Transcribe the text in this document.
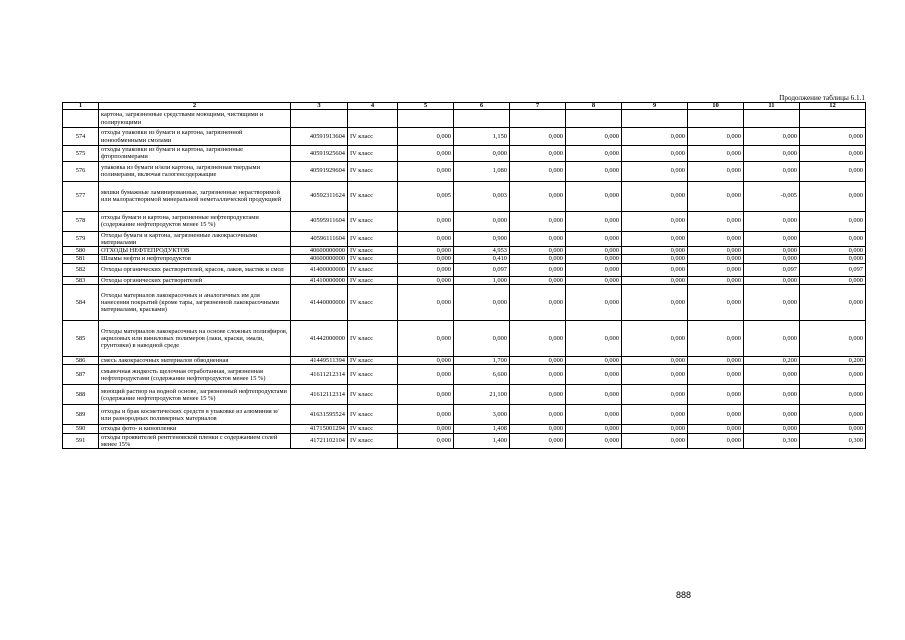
Продолжение таблицы 6.1.1
1	2	3	4	5	6	7	8	9	10	11	12
	картона, загрязненные средствами моющими, чистящими и полирующими										
574	отходы упаковки из бумаги и картона, загрязненной ионообменными смолами	40591913604	IV класс	0,000	1,150	0,000	0,000	0,000	0,000	0,000	0,000
575	отходы упаковки из бумаги и картона, загрязненные фторполимерами	40591925604	IV класс	0,000	0,000	0,000	0,000	0,000	0,000	0,000	0,000
576	упаковка из бумаги и/или картона, загрязненная твердыми полимерами, включая галогенсодержащие	40591929604	IV класс	0,000	1,080	0,000	0,000	0,000	0,000	0,000	0,000
577	мешки бумажные ламинированные, загрязненные нерастворимой или малорастворимой минеральной неметаллической продукцией	40592311624	IV класс	0,005	0,003	0,000	0,000	0,000	0,000	-0,005	0,000
578	отходы бумаги и картона, загрязненные нефтепродуктами (содержание нефтепродуктов менее 15 %)	40595911604	IV класс	0,000	0,000	0,000	0,000	0,000	0,000	0,000	0,000
579	Отходы бумаги и картона, загрязненные лакокрасочными материалами	40596111604	IV класс	0,000	0,900	0,000	0,000	0,000	0,000	0,000	0,000
580	ОТХОДЫ НЕФТЕПРОДУКТОВ	40600000000	IV класс	0,000	4,953	0,000	0,000	0,000	0,000	0,000	0,000
581	Шламы нефти и нефтепродуктов	40600000000	IV класс	0,000	0,410	0,000	0,000	0,000	0,000	0,000	0,000
582	Отходы органических растворителей, красок, лаков, мастик и смол	41400000000	IV класс	0,000	0,097	0,000	0,000	0,000	0,000	0,097	0,097
583	Отходы органических растворителей	41410000000	IV класс	0,000	1,000	0,000	0,000	0,000	0,000	0,000	0,000
584	Отходы материалов лакокрасочных и аналогичных им для нанесения покрытий (кроме тары, загрязненной лакокрасочными материалами, красками)	41440000000	IV класс	0,000	0,000	0,000	0,000	0,000	0,000	0,000	0,000
585	Отходы материалов лакокрасочных на основе сложных полиэфиров, акриловых или виниловых полимеров (лаки, краски, эмали, грунтовки) в наводной среде	41442000000	IV класс	0,000	0,000	0,000	0,000	0,000	0,000	0,000	0,000
586	смесь лакокрасочных материалов обводненная	41449511394	IV класс	0,000	1,700	0,000	0,000	0,000	0,000	0,200	0,200
587	смывочная жидкость щелочная отработанная, загрязненная нефтепродуктами (содержание нефтепродуктов менее 15 %)	41611212314	IV класс	0,000	6,600	0,000	0,000	0,000	0,000	0,000	0,000
588	моющий раствор на водной основе, загрязненный нефтепродуктами (содержание нефтепродуктов менее 15 %)	41612112314	IV класс	0,000	21,100	0,000	0,000	0,000	0,000	0,000	0,000
589	отходы и брак косметических средств в упаковке из алюминия и/или разнородных полимерных материалов	41631595524	IV класс	0,000	3,000	0,000	0,000	0,000	0,000	0,000	0,000
590	отходы фото- и кинопленки	41715001294	IV класс	0,000	1,408	0,000	0,000	0,000	0,000	0,000	0,000
591	отходы проявителей рентгеновской пленки с содержанием солей менее 15%	41721102104	IV класс	0,000	1,400	0,000	0,000	0,000	0,000	0,300	0,300
888
